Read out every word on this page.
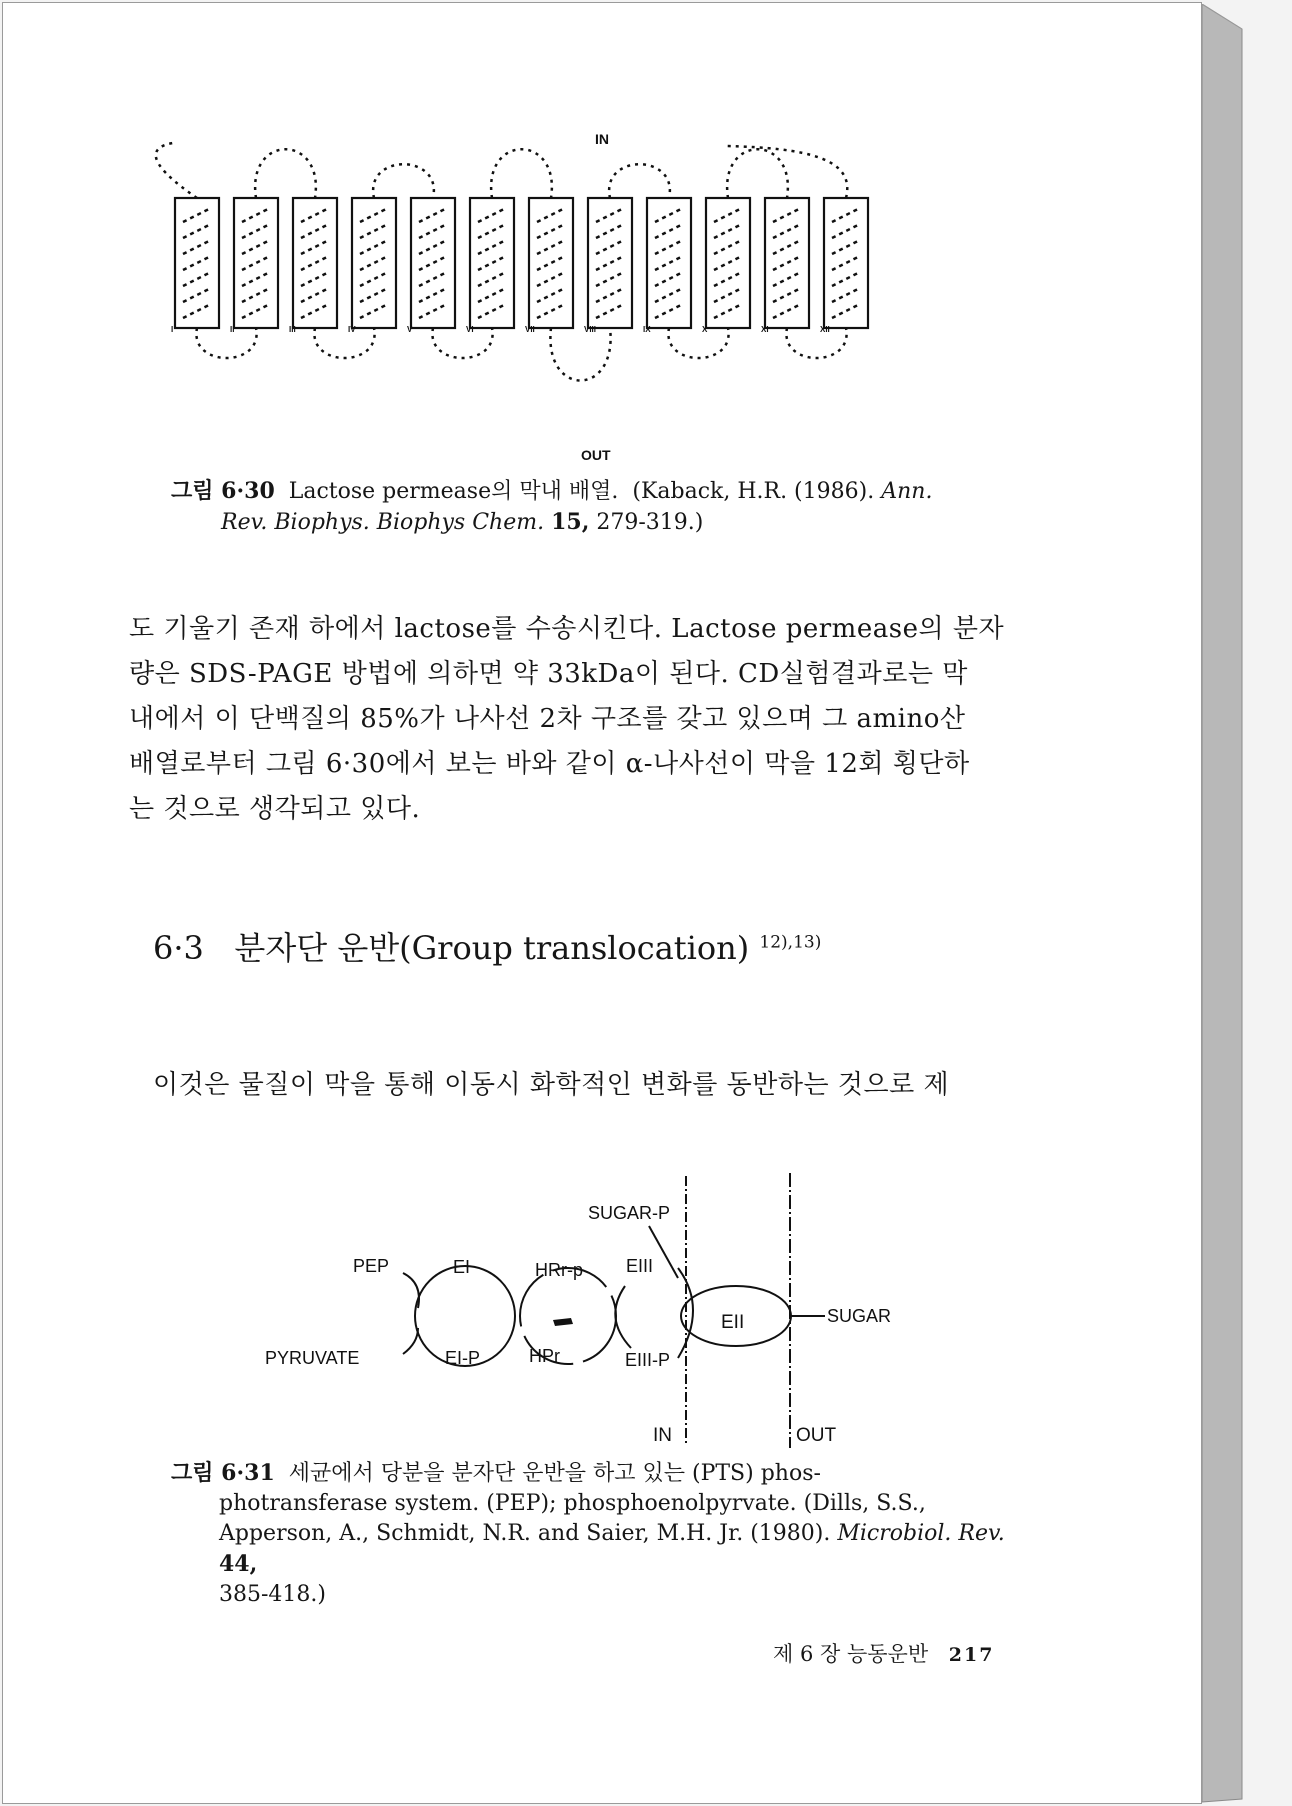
IN
OUT
I	II	III	IV	V	VI	VII	VIII	IX	X	XI	XII
그림 6·30 Lactose permease의 막내 배열. (Kaback, H.R. (1986). Ann.
Rev. Biophys. Biophys Chem. 15, 279-319.)
도 기울기 존재 하에서 lactose를 수송시킨다. Lactose permease의 분자
량은 SDS-PAGE 방법에 의하면 약 33kDa이 된다. CD실험결과로는 막
내에서 이 단백질의 85%가 나사선 2차 구조를 갖고 있으며 그 amino산
배열로부터 그림 6·30에서 보는 바와 같이 α-나사선이 막을 12회 횡단하
는 것으로 생각되고 있다.
6·3 분자단 운반(Group translocation) $^{12),13)}$
이것은 물질이 막을 통해 이동시 화학적인 변화를 동반하는 것으로 제
SUGAR-P
PEP	EI	HRr-p EIII
EII	SUGAR
PYRUVATE	EI-P	HPr	EIII-P
IN	OUT
그림 6·31 세균에서 당분을 분자단 운반을 하고 있는 (PTS) phos-
photransferase system. (PEP); phosphoenolpyrvate. (Dills, S.S.,
Apperson, A., Schmidt, N.R. and Saier, M.H. Jr. (1980). Microbiol. Rev. 44,
385-418.)
제 6 장 능동운반 217
